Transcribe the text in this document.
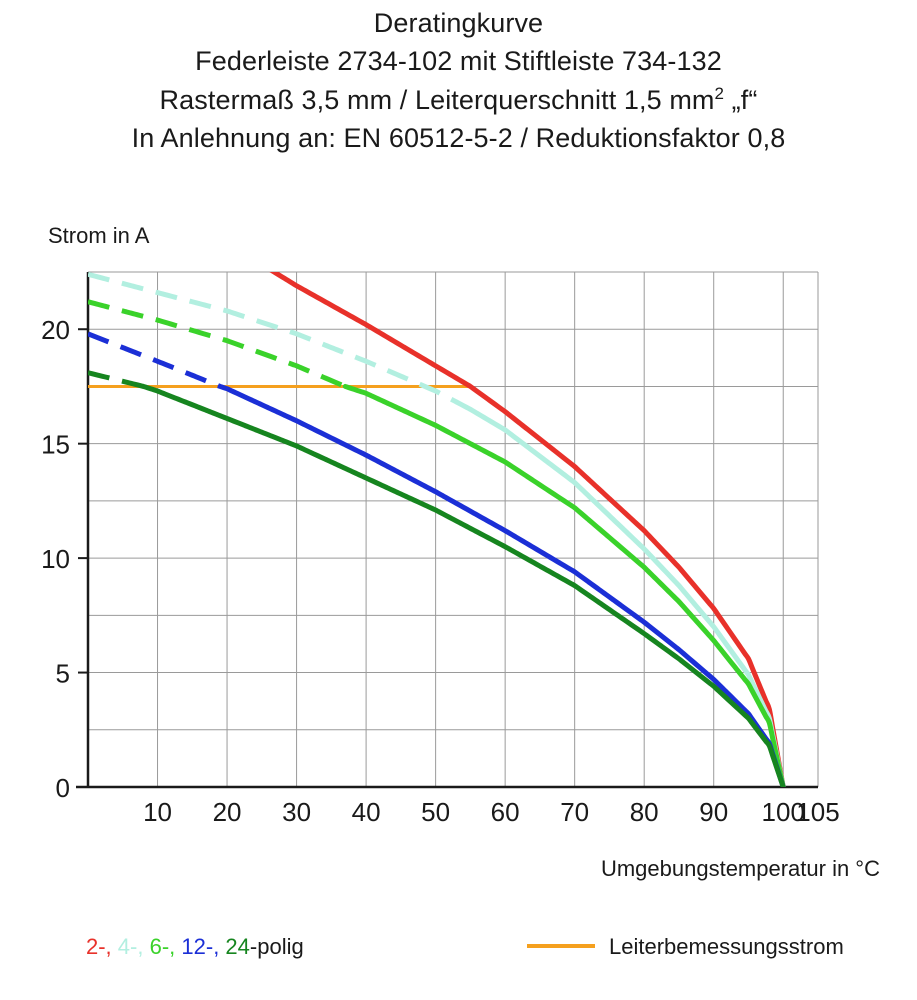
Deratingkurve
Federleiste 2734-102 mit Stiftleiste 734-132
Rastermaß 3,5 mm / Leiterquerschnitt 1,5 $mm^2$ „f“
In Anlehnung an: EN 60512-5-2 / Reduktionsfaktor 0,8
Strom in A
10 20 30 40 50 60 70 80 90 100
105
0
5
10
15
20
Umgebungstemperatur in °C
2-, 4-, 6-, 12-, 24-polig	Leiterbemessungsstrom
